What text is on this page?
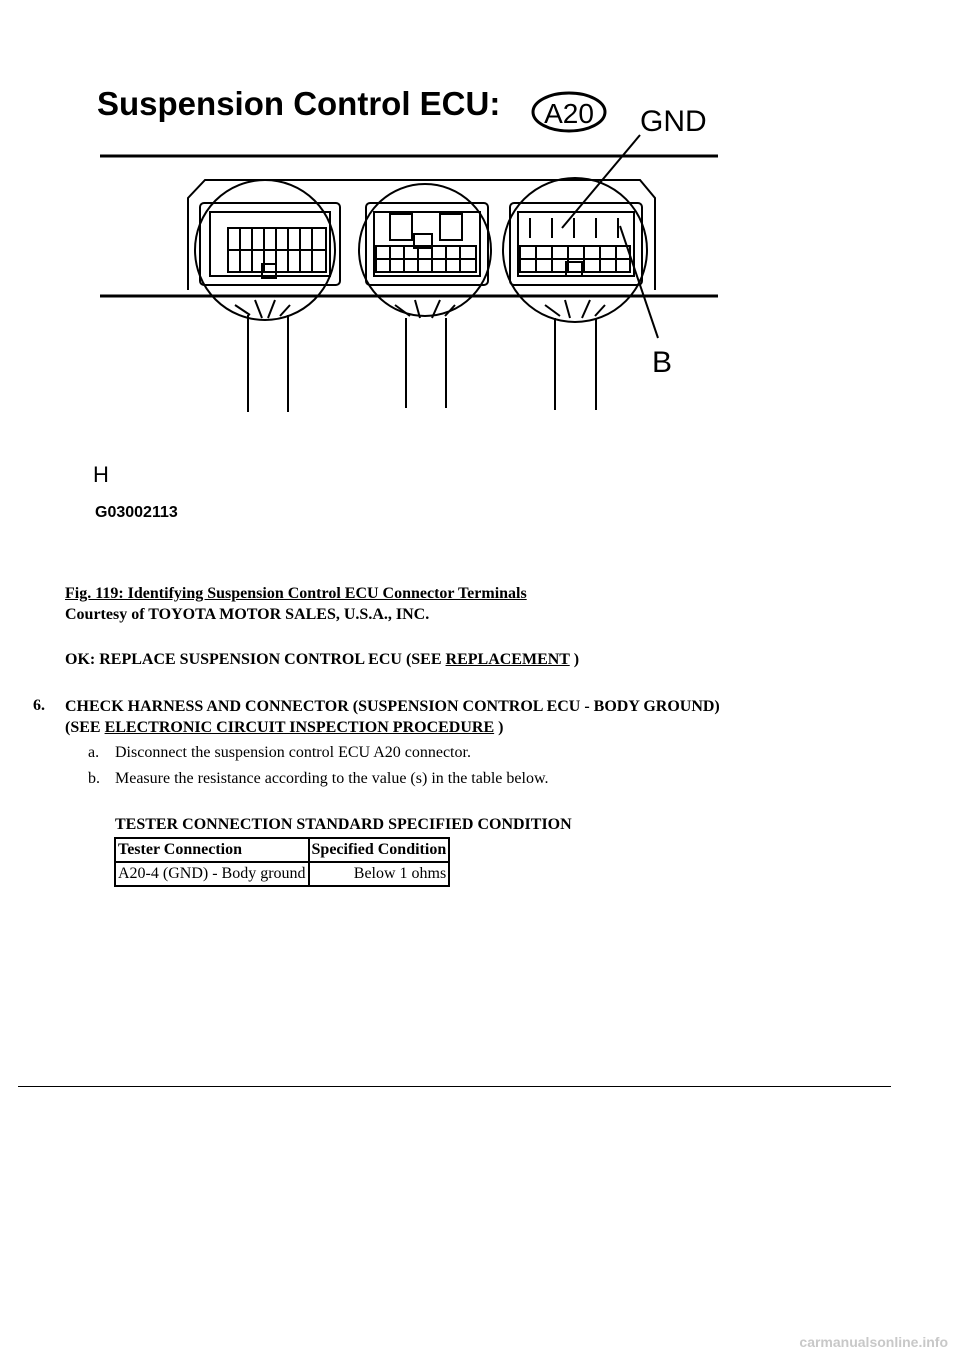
Suspension Control ECU: A20 GND
B
H
G03002113
Fig. 119: Identifying Suspension Control ECU Connector Terminals
Courtesy of TOYOTA MOTOR SALES, U.S.A., INC.
OK: REPLACE SUSPENSION CONTROL ECU (SEE REPLACEMENT )
6. CHECK HARNESS AND CONNECTOR (SUSPENSION CONTROL ECU - BODY GROUND)
(SEE ELECTRONIC CIRCUIT INSPECTION PROCEDURE )
a. Disconnect the suspension control ECU A20 connector.
b. Measure the resistance according to the value (s) in the table below.
TESTER CONNECTION STANDARD SPECIFIED CONDITION
Tester Connection	Specified Condition
A20-4 (GND) - Body ground	Below 1 ohms
carmanualsonline.info
